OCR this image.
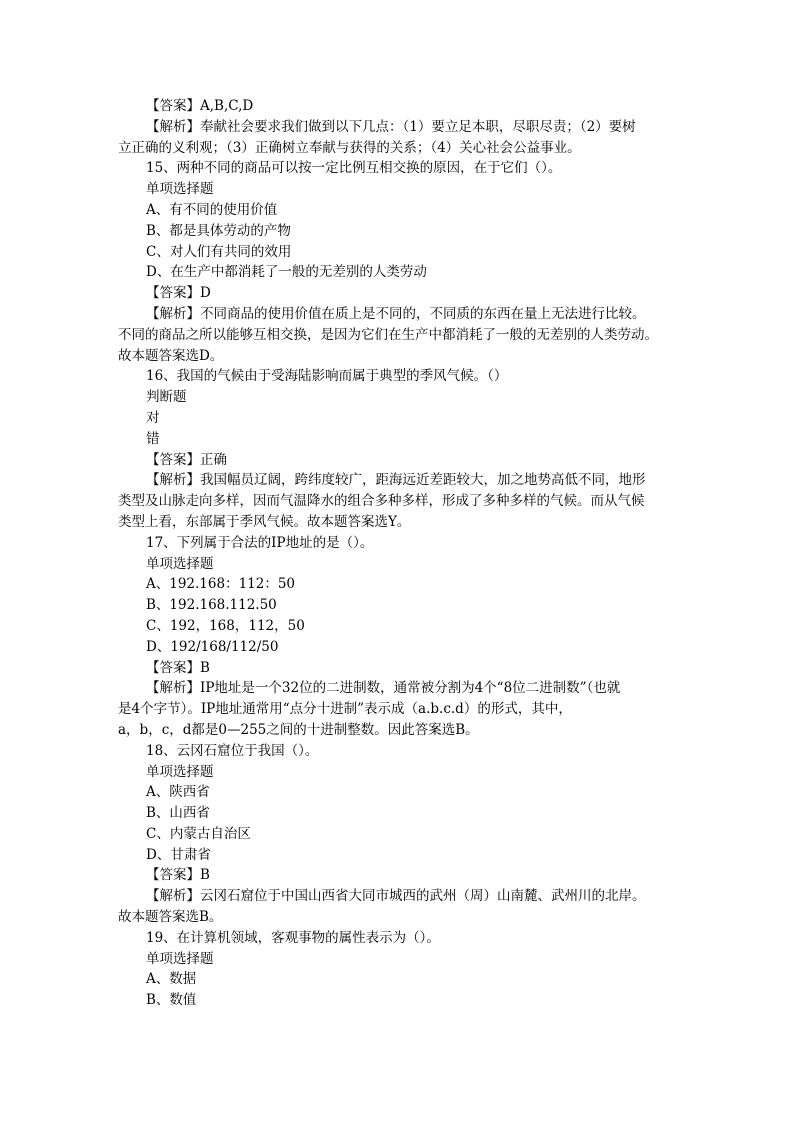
【答案】A,B,C,D
【解析】奉献社会要求我们做到以下几点：（1）要立足本职，尽职尽责；（2）要树
立正确的义利观；（3）正确树立奉献与获得的关系；（4）关心社会公益事业。
15、两种不同的商品可以按一定比例互相交换的原因，在于它们（）。
单项选择题
A、有不同的使用价值
B、都是具体劳动的产物
C、对人们有共同的效用
D、在生产中都消耗了一般的无差别的人类劳动
【答案】D
【解析】不同商品的使用价值在质上是不同的，不同质的东西在量上无法进行比较。
不同的商品之所以能够互相交换，是因为它们在生产中都消耗了一般的无差别的人类劳动。
故本题答案选D。
16、我国的气候由于受海陆影响而属于典型的季风气候。（）
判断题
对
错
【答案】正确
【解析】我国幅员辽阔，跨纬度较广，距海远近差距较大，加之地势高低不同，地形
类型及山脉走向多样，因而气温降水的组合多种多样，形成了多种多样的气候。而从气候
类型上看，东部属于季风气候。故本题答案选Y。
17、下列属于合法的IP地址的是（）。
单项选择题
A、192.168：112：50
B、192.168.112.50
C、192，168，112，50
D、192/168/112/50
【答案】B
【解析】IP地址是一个32位的二进制数，通常被分割为4个“8位二进制数”（也就
是4个字节）。IP地址通常用“点分十进制”表示成（a.b.c.d）的形式，其中，
a，b，c，d都是0—255之间的十进制整数。因此答案选B。
18、云冈石窟位于我国（）。
单项选择题
A、陕西省
B、山西省
C、内蒙古自治区
D、甘肃省
【答案】B
【解析】云冈石窟位于中国山西省大同市城西的武州（周）山南麓、武州川的北岸。
故本题答案选B。
19、在计算机领域，客观事物的属性表示为（）。
单项选择题
A、数据
B、数值
